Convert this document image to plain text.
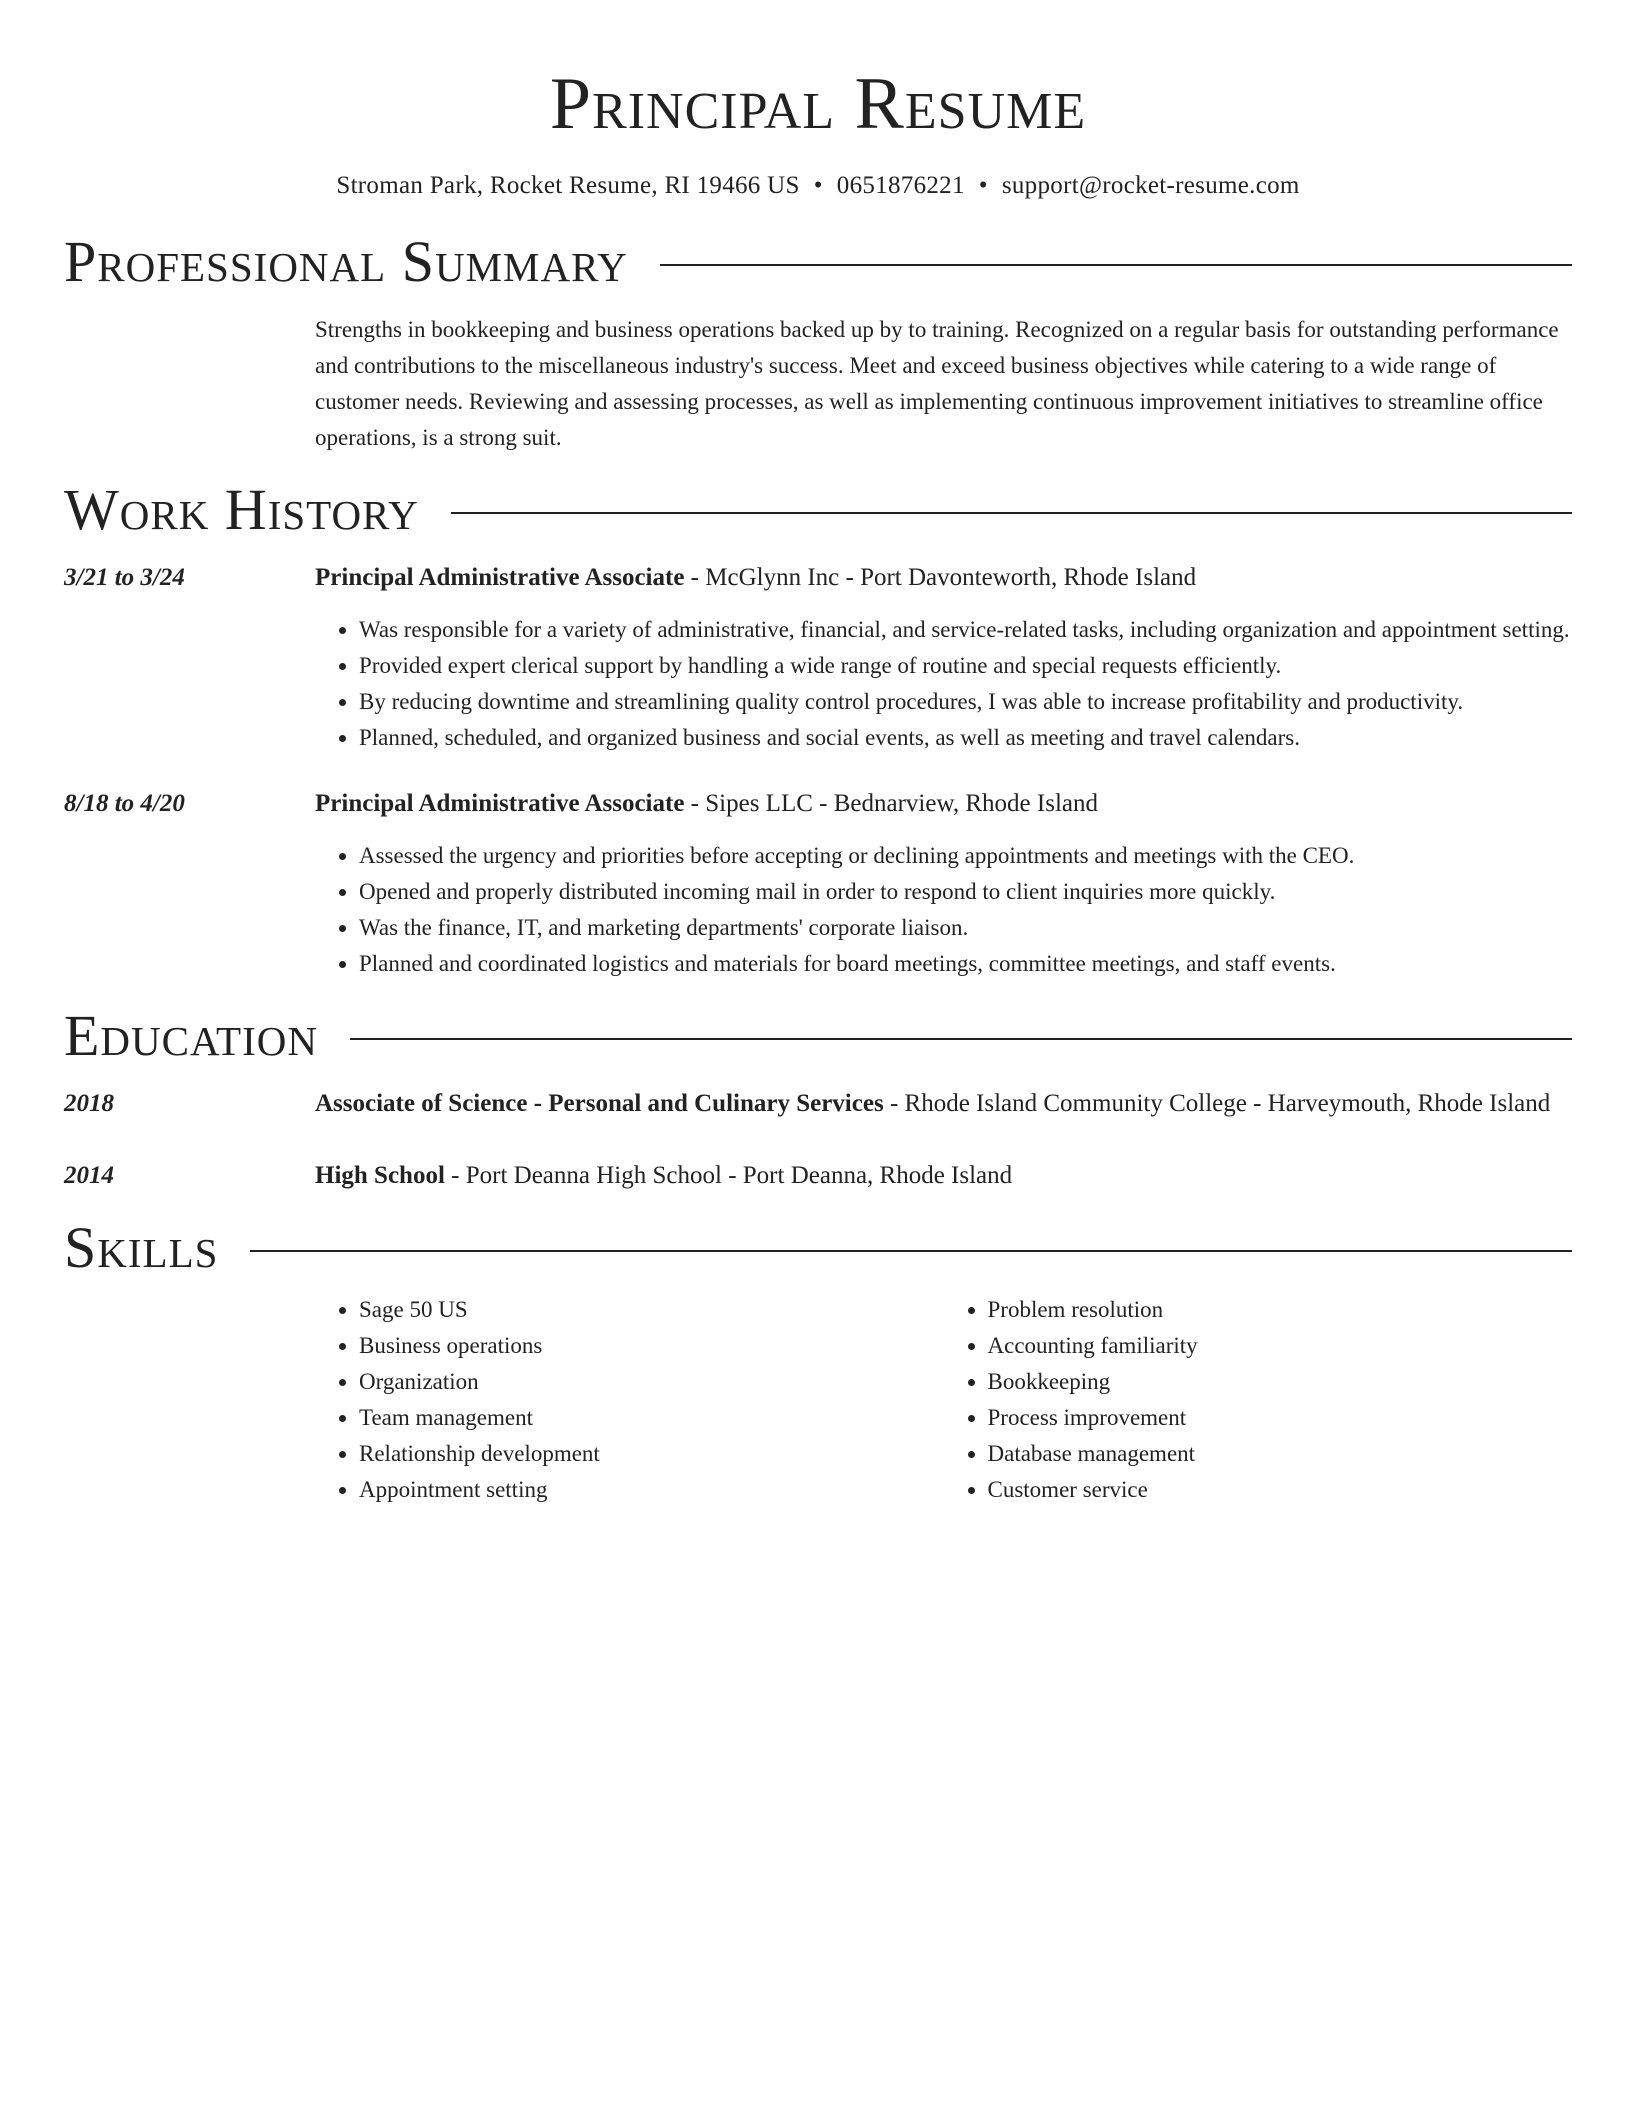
Principal Resume
Stroman Park, Rocket Resume, RI 19466 US • 0651876221 • support@rocket-resume.com
Professional Summary
Strengths in bookkeeping and business operations backed up by to training. Recognized on a regular basis for outstanding performance and contributions to the miscellaneous industry's success. Meet and exceed business objectives while catering to a wide range of customer needs. Reviewing and assessing processes, as well as implementing continuous improvement initiatives to streamline office operations, is a strong suit.
Work History
3/21 to 3/24	Principal Administrative Associate - McGlynn Inc - Port Davonteworth, Rhode Island
• Was responsible for a variety of administrative, financial, and service-related tasks, including organization and appointment setting.
• Provided expert clerical support by handling a wide range of routine and special requests efficiently.
• By reducing downtime and streamlining quality control procedures, I was able to increase profitability and productivity.
• Planned, scheduled, and organized business and social events, as well as meeting and travel calendars.
8/18 to 4/20	Principal Administrative Associate - Sipes LLC - Bednarview, Rhode Island
• Assessed the urgency and priorities before accepting or declining appointments and meetings with the CEO.
• Opened and properly distributed incoming mail in order to respond to client inquiries more quickly.
• Was the finance, IT, and marketing departments' corporate liaison.
• Planned and coordinated logistics and materials for board meetings, committee meetings, and staff events.
Education
2018	Associate of Science - Personal and Culinary Services - Rhode Island Community College - Harveymouth, Rhode Island
2014	High School - Port Deanna High School - Port Deanna, Rhode Island
Skills
• Sage 50 US
• Business operations
• Organization
• Team management
• Relationship development
• Appointment setting
• Problem resolution
• Accounting familiarity
• Bookkeeping
• Process improvement
• Database management
• Customer service
